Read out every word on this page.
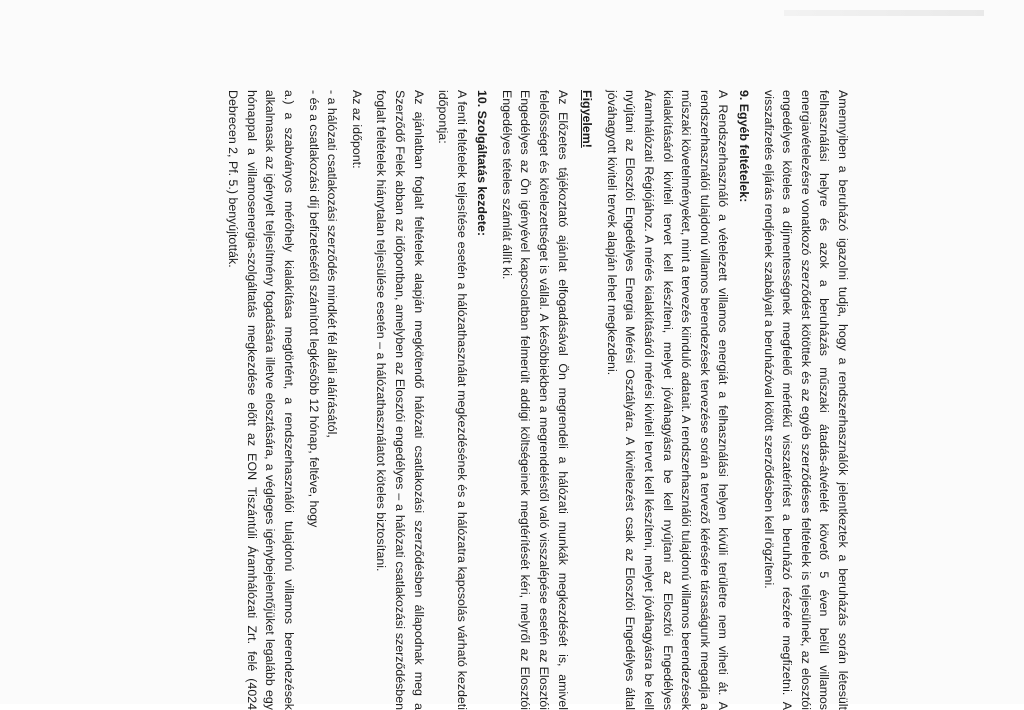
Amennyiben a beruházó igazolni tudja, hogy a rendszerhasználók jelentkeztek a beruházás során létesült felhasználási helyre és azok a beruházás műszaki átadás-átvételét követő 5 éven belül villamos energiavételezésre vonatkozó szerződést kötöttek és az egyéb szerződéses feltételek is teljesülnek, az elosztói engedélyes köteles a díjmentességnek megfelelő mértékű visszatérítést a beruházó részére megfizetni. A visszafizetés eljárás rendjének szabályait a beruházóval kötött szerződésben kell rögzíteni.

9. Egyéb feltételek:

A Rendszerhasználó a vételezett villamos energiát a felhasználási helyen kívüli területre nem viheti át. A rendszerhasználói tulajdonú villamos berendezések tervezése során a tervező kérésére társaságunk megadja a műszaki követelményeket, mint a tervezés kiinduló adatait. A rendszerhasználói tulajdonú villamos berendezések kialakításáról kiviteli tervet kell készíteni, melyet jóváhagyásra be kell nyújtani az Elosztói Engedélyes Áramhálózati Régiójához. A mérés kialakításáról mérési kiviteli tervet kell készíteni, melyet jóváhagyásra be kell nyújtani az Elosztói Engedélyes Energia Mérési Osztályára. A kivitelezést csak az Elosztói Engedélyes által jóváhagyott kiviteli tervek alapján lehet megkezdeni.

Figyelem!

Az Előzetes tájékoztató ajánlat elfogadásával Ön megrendeli a hálózati munkák megkezdését is, amivel felelősséget és kötelezettséget is vállal. A későbbiekben a megrendeléstől való visszalépése esetén az Elosztói Engedélyes az Ön igényével kapcsolatban felmerült addigi költségeinek megtérítését kéri, melyről az Elosztói Engedélyes tételes számlát állít ki.

10. Szolgáltatás kezdete:

A fenti feltételek teljesítése esetén a hálózathasználat megkezdésének és a hálózatra kapcsolás várható kezdeti időpontja:

Az ajánlatban foglalt feltételek alapján megkötendő hálózati csatlakozási szerződésben állapodnak meg a Szerződő Felek abban az időpontban, amelyben az Elosztói engedélyes – a hálózati csatlakozási szerződésben foglalt feltételek hiánytalan teljesülése esetén – a hálózathasználatot köteles biztosítani.

Az az időpont:

- a hálózati csatlakozási szerződés mindkét fél általi aláírásától,

- és a csatlakozási díj befizetésétől számított legkésőbb 12 hónap, feltéve, hogy

a.) a szabványos mérőhely kialakítása megtörtént, a rendszerhasználói tulajdonú villamos berendezések alkalmasak az igényelt teljesítmény fogadására illetve elosztására, a végleges igénybejelentőjüket legalább egy hónappal a villamosenergia-szolgáltatás megkezdése előtt az EON Tiszántúli Áramhálózati Zrt. felé (4024 Debrecen 2, Pf. 5.) benyújtották.
